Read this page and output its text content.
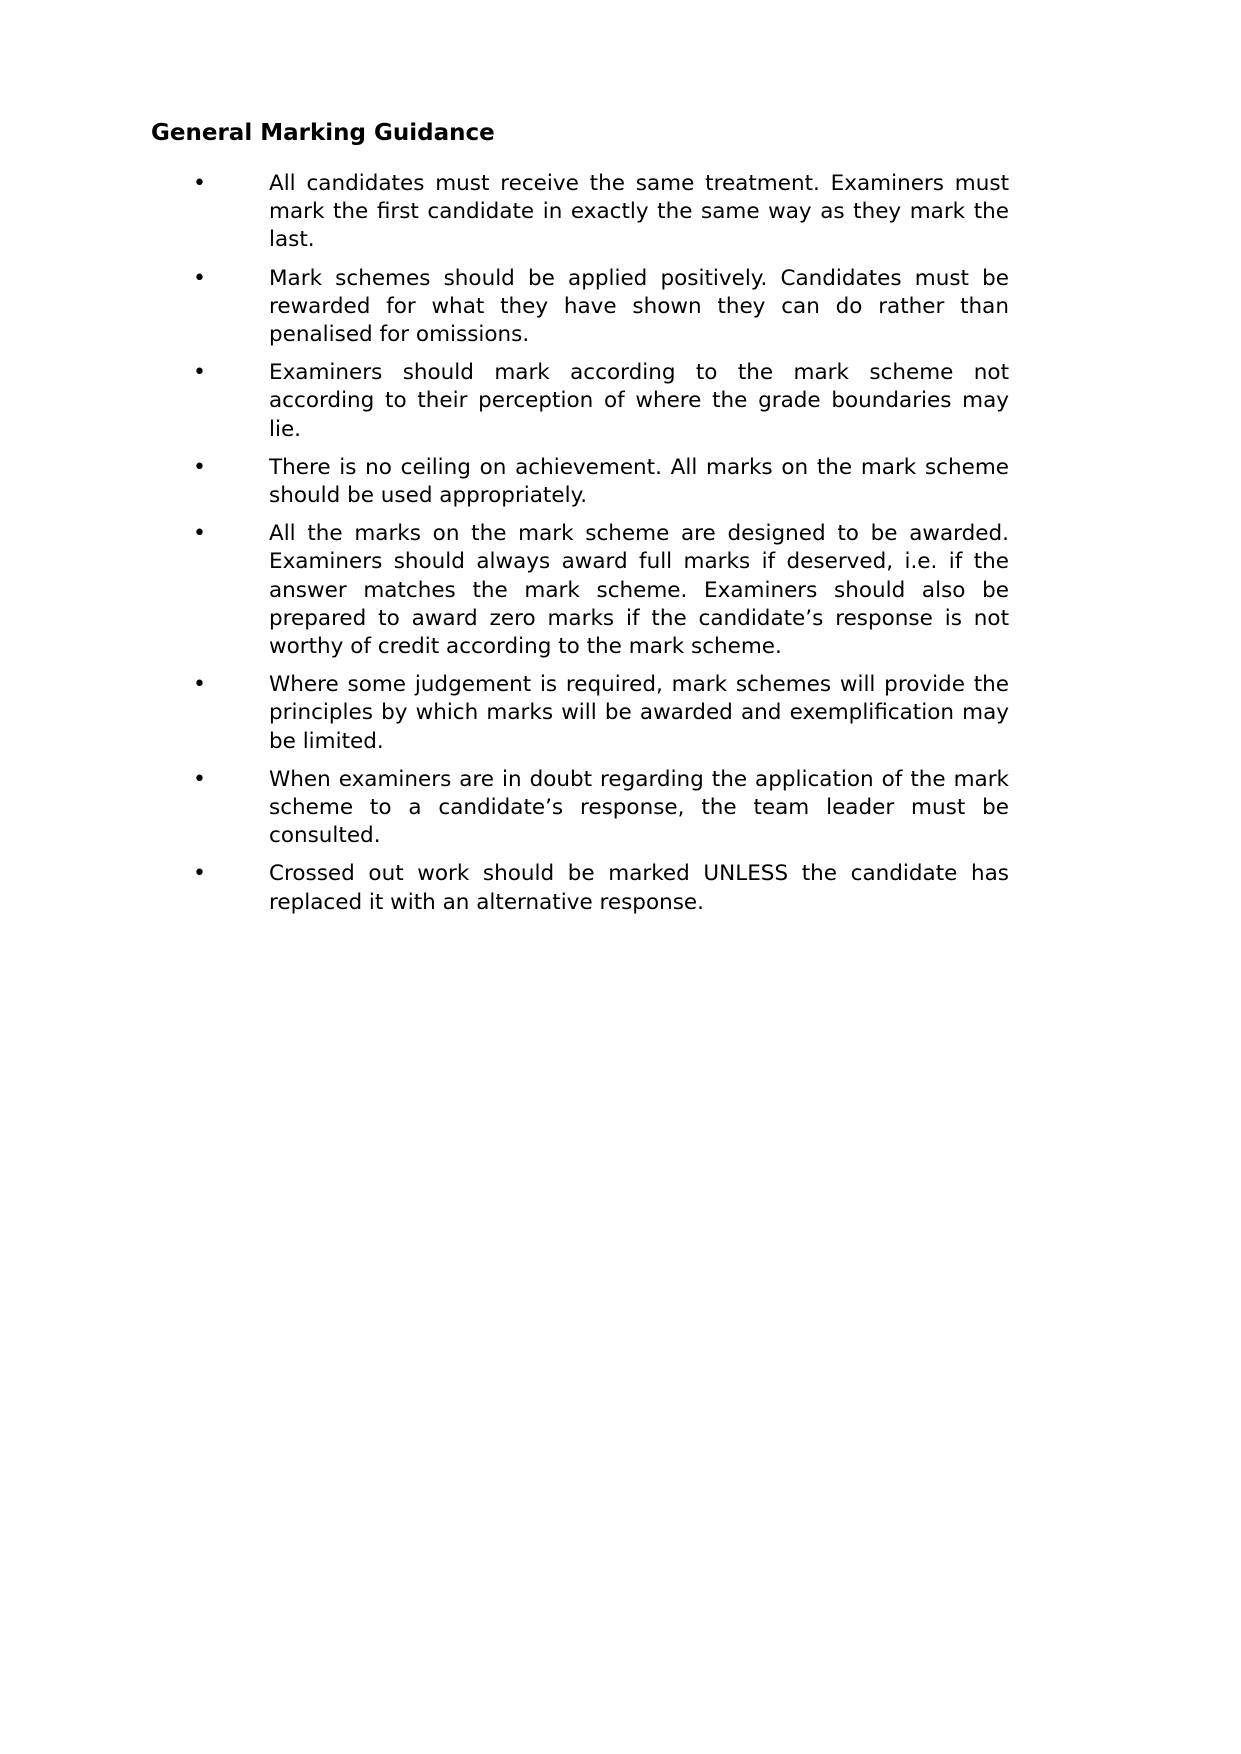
General Marking Guidance
•	All candidates must receive the same treatment. Examiners must mark the first candidate in exactly the same way as they mark the last.
•	Mark schemes should be applied positively. Candidates must be rewarded for what they have shown they can do rather than penalised for omissions.
•	Examiners should mark according to the mark scheme not according to their perception of where the grade boundaries may lie.
•	There is no ceiling on achievement. All marks on the mark scheme should be used appropriately.
•	All the marks on the mark scheme are designed to be awarded. Examiners should always award full marks if deserved, i.e. if the answer matches the mark scheme. Examiners should also be prepared to award zero marks if the candidate’s response is not worthy of credit according to the mark scheme.
•	Where some judgement is required, mark schemes will provide the principles by which marks will be awarded and exemplification may be limited.
•	When examiners are in doubt regarding the application of the mark scheme to a candidate’s response, the team leader must be consulted.
•	Crossed out work should be marked UNLESS the candidate has replaced it with an alternative response.
